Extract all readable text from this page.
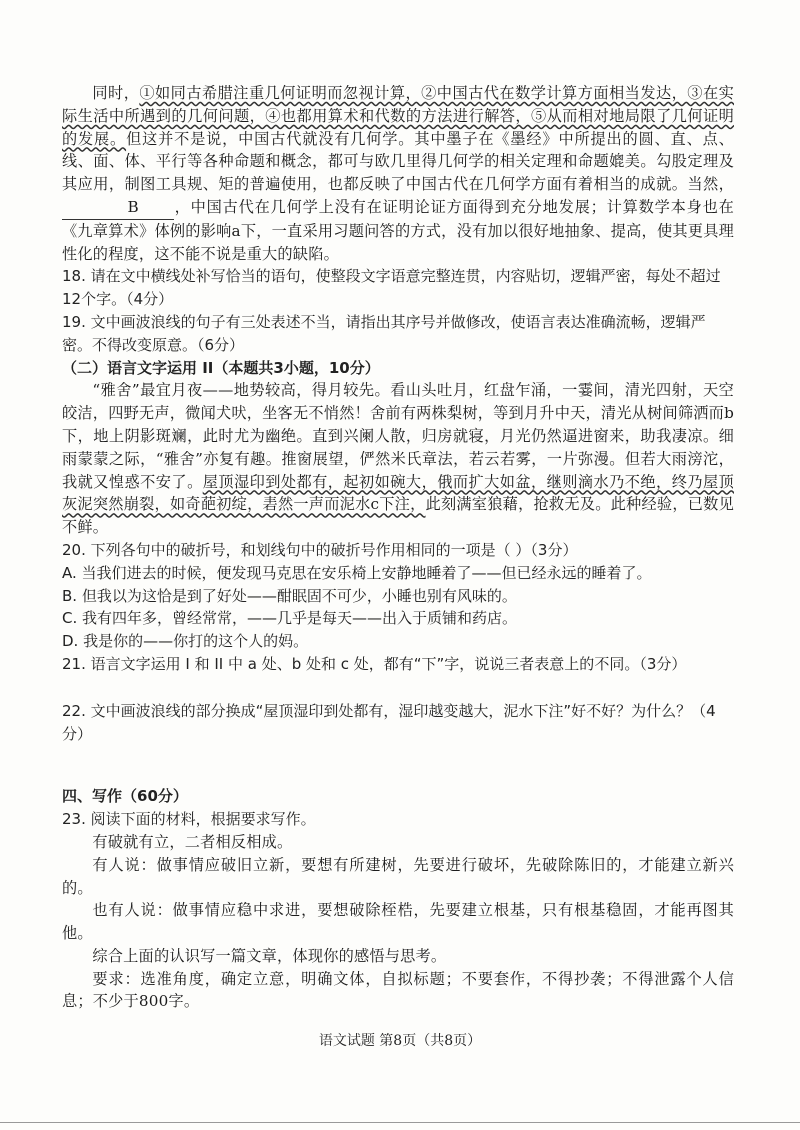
同时，①如同古希腊注重几何证明而忽视计算，②中国古代在数学计算方面相当发达，③在实际生活中所遇到的几何问题，④也都用算术和代数的方法进行解答，⑤从而相对地局限了几何证明的发展。但这并不是说，中国古代就没有几何学。其中墨子在《墨经》中所提出的圆、直、点、线、面、体、平行等各种命题和概念，都可与欧几里得几何学的相关定理和命题媲美。勾股定理及其应用，制图工具规、矩的普遍使用，也都反映了中国古代在几何学方面有着相当的成就。当然，B ，中国古代在几何学上没有在证明论证方面得到充分地发展；计算数学本身也在《九章算术》体例的影响a下，一直采用习题问答的方式，没有加以很好地抽象、提高，使其更具理性化的程度，这不能不说是重大的缺陷。

18. 请在文中横线处补写恰当的语句，使整段文字语意完整连贯，内容贴切，逻辑严密，每处不超过12个字。（4分）

19. 文中画波浪线的句子有三处表述不当，请指出其序号并做修改，使语言表达准确流畅，逻辑严密。不得改变原意。（6分）

（二）语言文字运用 II（本题共3小题，10分）

“雅舍”最宜月夜——地势较高，得月较先。看山头吐月，红盘乍涌，一霎间，清光四射，天空皎洁，四野无声，微闻犬吠，坐客无不悄然！舍前有两株梨树，等到月升中天，清光从树间筛洒而b下，地上阴影斑斓，此时尤为幽绝。直到兴阑人散，归房就寝，月光仍然逼进窗来，助我凄凉。细雨蒙蒙之际，“雅舍”亦复有趣。推窗展望，俨然米氏章法，若云若雾，一片弥漫。但若大雨滂沱，我就又惶惑不安了。屋顶湿印到处都有，起初如碗大，俄而扩大如盆，继则滴水乃不绝，终乃屋顶灰泥突然崩裂，如奇葩初绽，砉然一声而泥水c下注，此刻满室狼藉，抢救无及。此种经验，已数见不鲜。

20. 下列各句中的破折号，和划线句中的破折号作用相同的一项是（ ）（3分）

A. 当我们进去的时候，便发现马克思在安乐椅上安静地睡着了——但已经永远的睡着了。

B. 但我以为这恰是到了好处——酣眠固不可少，小睡也别有风味的。

C. 我有四年多，曾经常常，——几乎是每天——出入于质铺和药店。

D. 我是你的——你打的这个人的妈。

21. 语言文字运用 I 和 II 中 a 处、b 处和 c 处，都有“下”字，说说三者表意上的不同。（3分）

22. 文中画波浪线的部分换成“屋顶湿印到处都有，湿印越变越大，泥水下注”好不好？为什么？（4分）

四、写作（60分）

23. 阅读下面的材料，根据要求写作。

有破就有立，二者相反相成。

有人说：做事情应破旧立新，要想有所建树，先要进行破坏，先破除陈旧的，才能建立新兴的。

也有人说：做事情应稳中求进，要想破除桎梏，先要建立根基，只有根基稳固，才能再图其他。

综合上面的认识写一篇文章，体现你的感悟与思考。

要求：选准角度，确定立意，明确文体，自拟标题；不要套作，不得抄袭；不得泄露个人信息；不少于800字。

语文试题 第8页（共8页）
